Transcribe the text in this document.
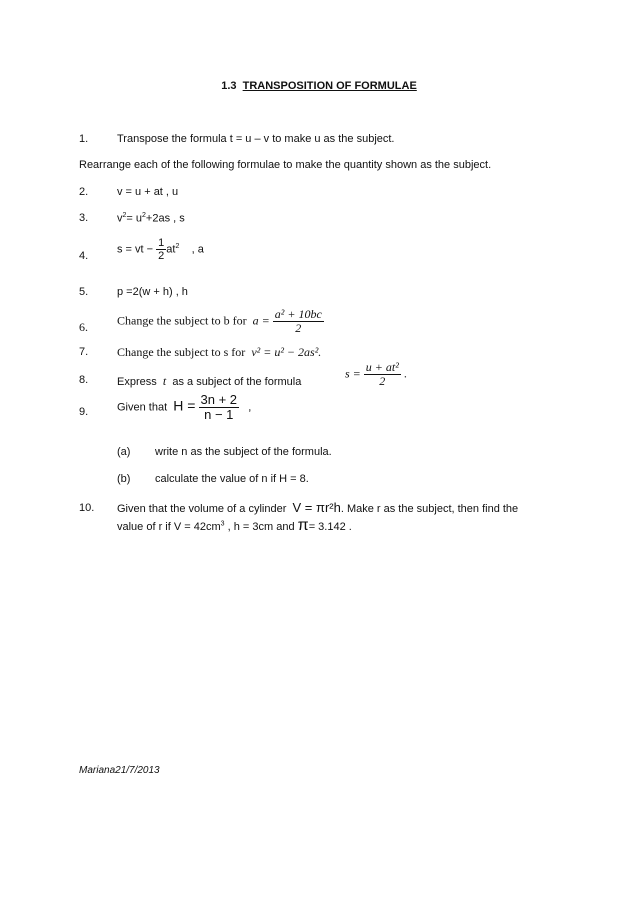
1.3 TRANSPOSITION OF FORMULAE
1.	Transpose the formula t = u – v to make u as the subject.
Rearrange each of the following formulae to make the quantity shown as the subject.
2.	v = u + at , u
3.	$v^2= u^2+2as$ , s
4.
s = vt − $\frac{1}{2} at^2$ , a
5.	p =2(w + h) , h
6. Change the subject to b for $a = \frac{\text{a² + 10bc}}{2}$
7. Change the subject to s for v² = u² − 2as².
8.	Express t as a subject of the formula
$s = \frac{\text{u + at²}}{2}$ .
9.	Given that $H = \frac{3n + 2}{n - 1}$ ,
(a) write n as the subject of the formula.
(b) calculate the value of n if H = 8.
10. Given that the volume of a cylinder V = πr²h. Make r as the subject, then find the
value of r if $V = 42cm^3$ , h = 3cm and π= 3.142 .
Mariana21/7/2013
